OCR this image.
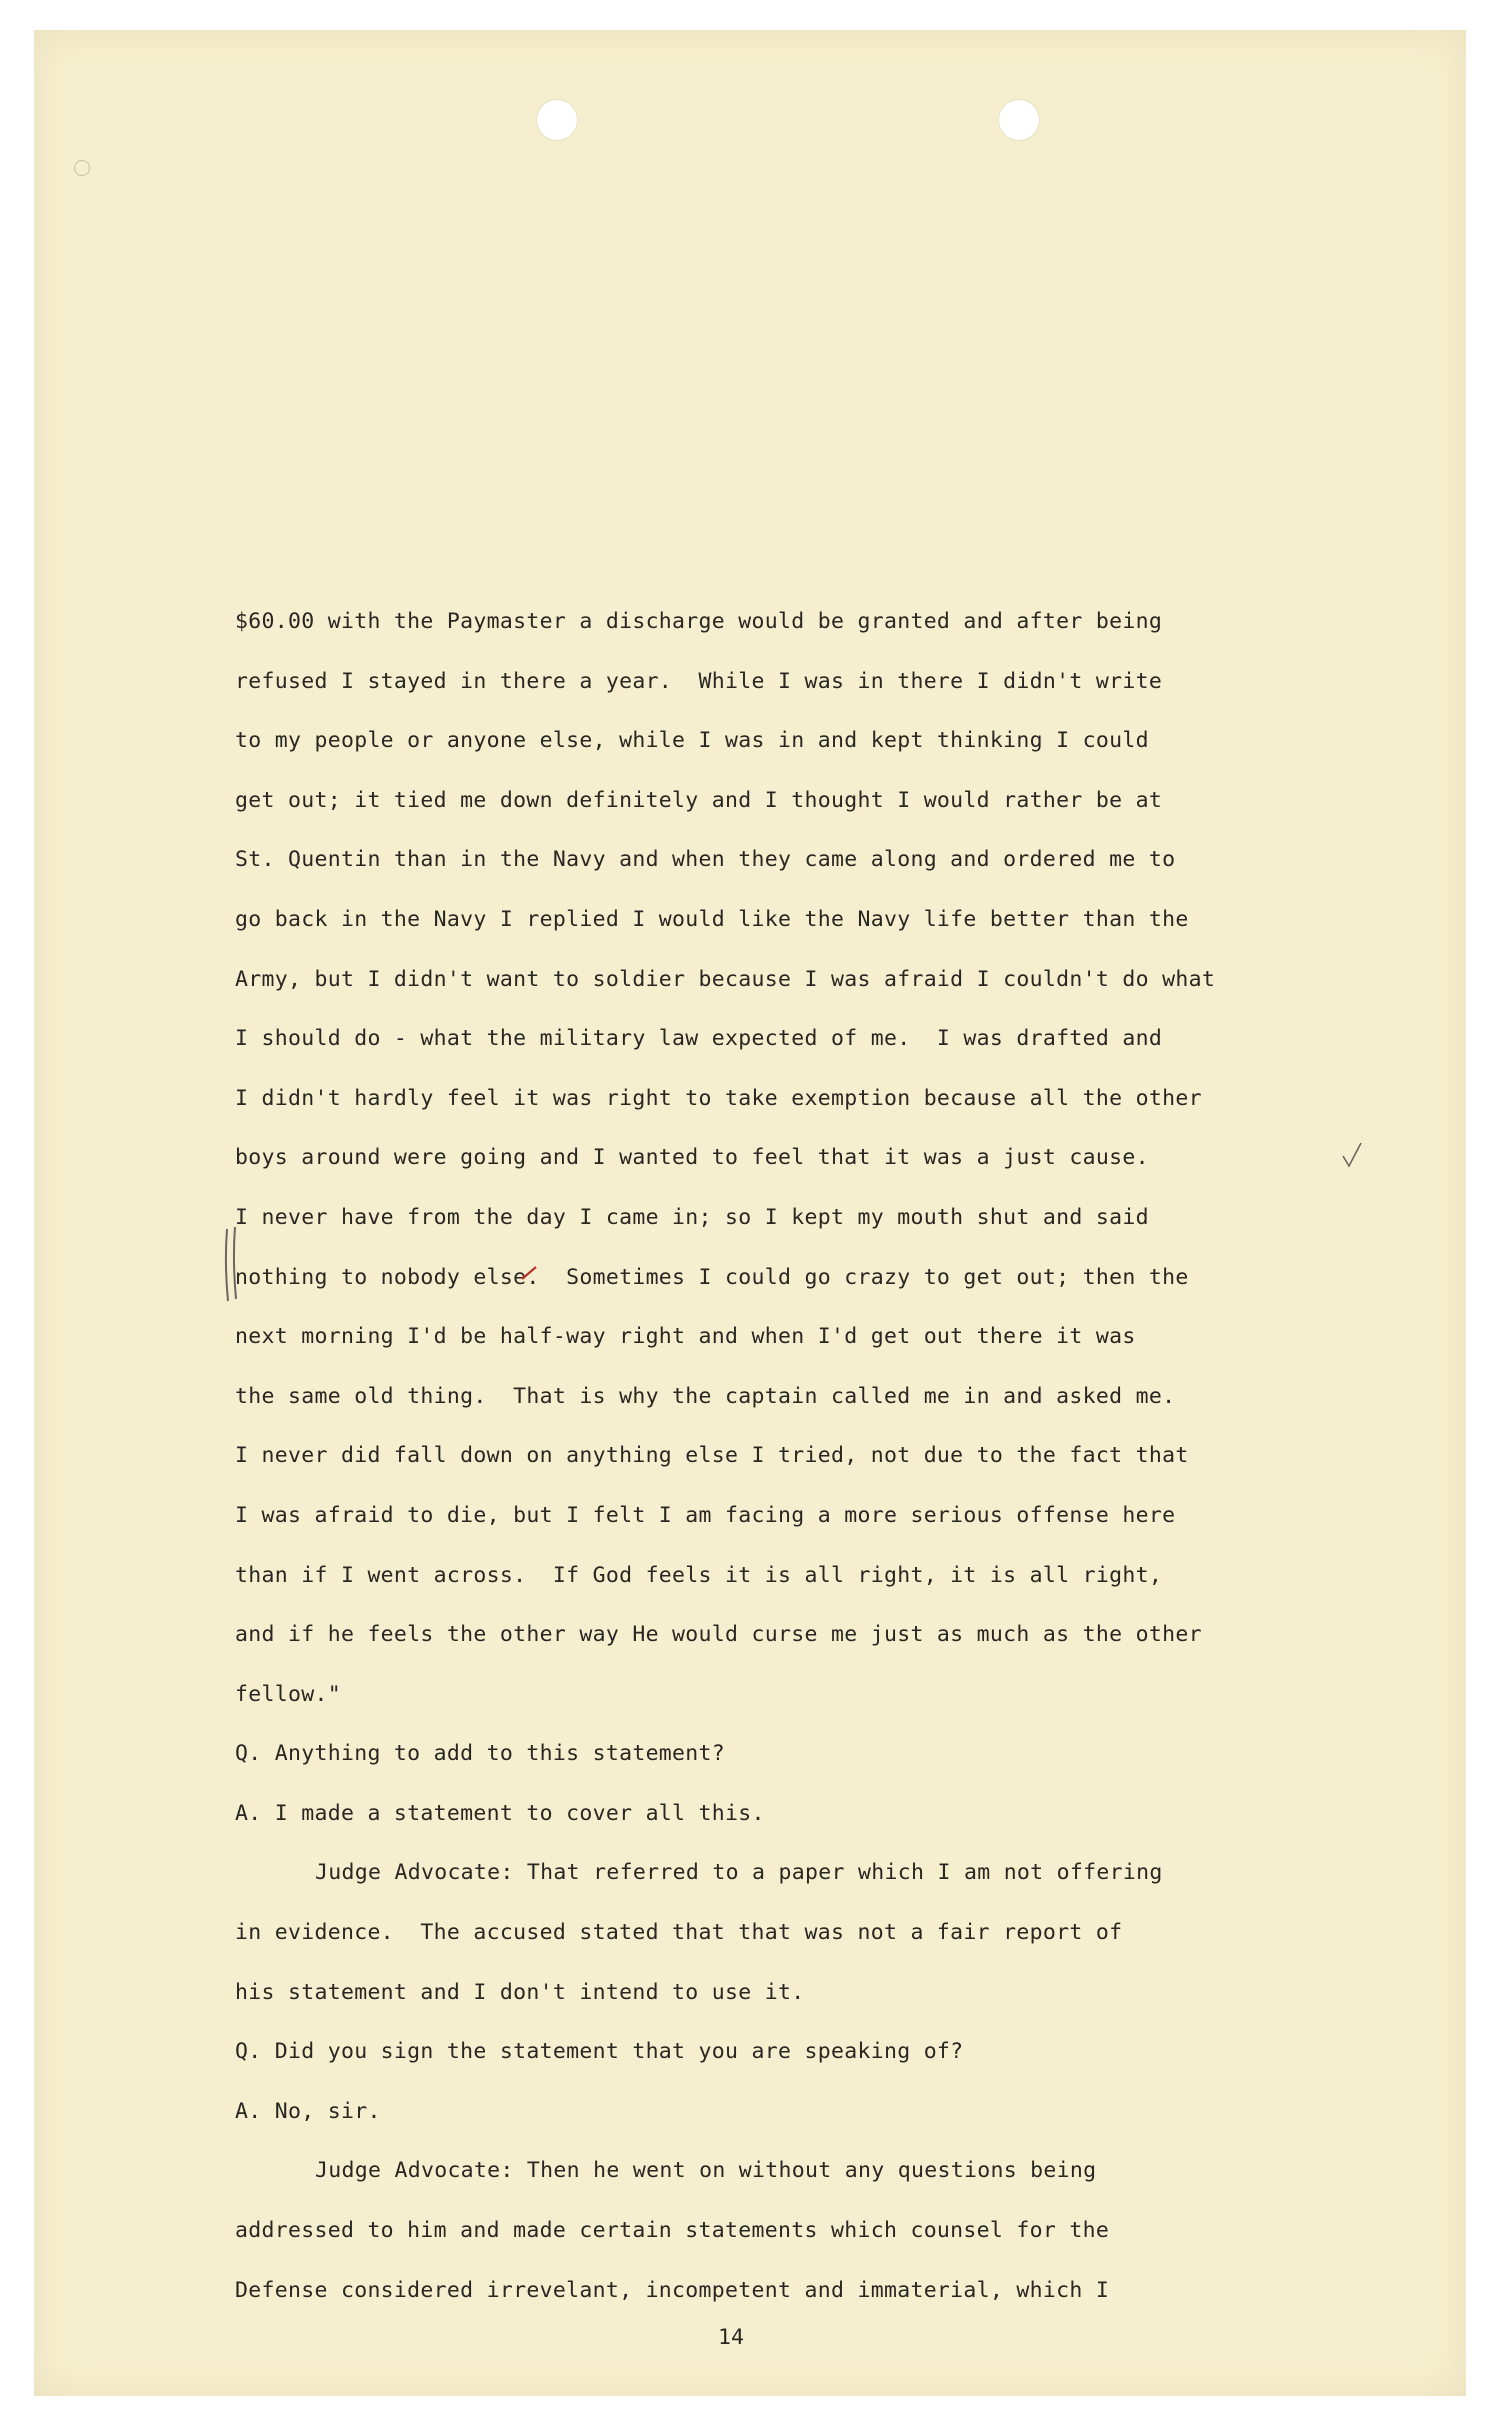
$60.00 with the Paymaster a discharge would be granted and after being
refused I stayed in there a year.  While I was in there I didn't write
to my people or anyone else, while I was in and kept thinking I could
get out; it tied me down definitely and I thought I would rather be at
St. Quentin than in the Navy and when they came along and ordered me to
go back in the Navy I replied I would like the Navy life better than the
Army, but I didn't want to soldier because I was afraid I couldn't do what
I should do - what the military law expected of me.  I was drafted and
I didn't hardly feel it was right to take exemption because all the other
boys around were going and I wanted to feel that it was a just cause.
I never have from the day I came in; so I kept my mouth shut and said
nothing to nobody else.  Sometimes I could go crazy to get out; then the
next morning I'd be half-way right and when I'd get out there it was
the same old thing.  That is why the captain called me in and asked me.
I never did fall down on anything else I tried, not due to the fact that
I was afraid to die, but I felt I am facing a more serious offense here
than if I went across.  If God feels it is all right, it is all right,
and if he feels the other way He would curse me just as much as the other
fellow."
Q. Anything to add to this statement?
A. I made a statement to cover all this.
Judge Advocate: That referred to a paper which I am not offering
in evidence.  The accused stated that that was not a fair report of
his statement and I don't intend to use it.
Q. Did you sign the statement that you are speaking of?
A. No, sir.
Judge Advocate: Then he went on without any questions being
addressed to him and made certain statements which counsel for the
Defense considered irrevelant, incompetent and immaterial, which I
14
